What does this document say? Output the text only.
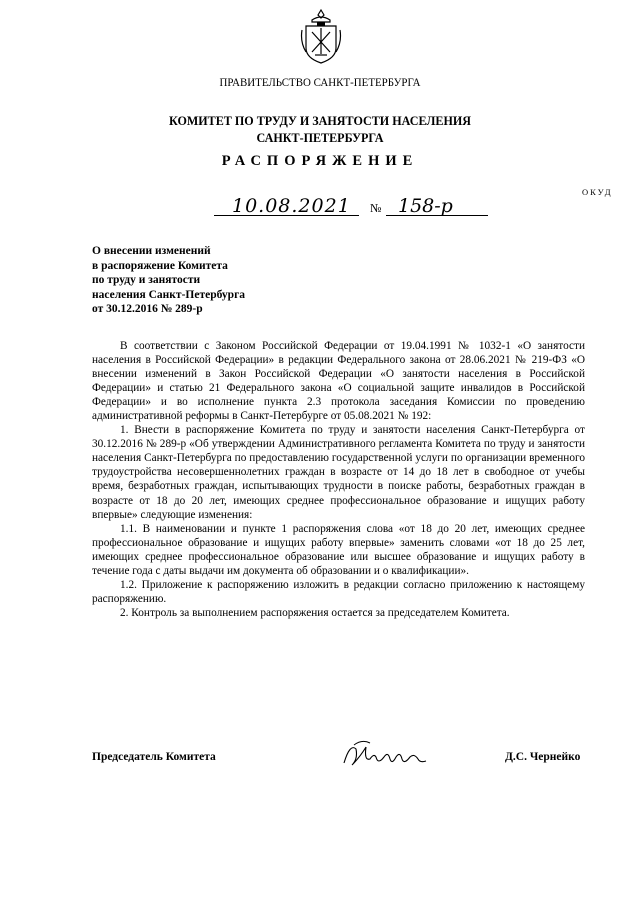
ПРАВИТЕЛЬСТВО САНКТ-ПЕТЕРБУРГА
КОМИТЕТ ПО ТРУДУ И ЗАНЯТОСТИ НАСЕЛЕНИЯ
САНКТ-ПЕТЕРБУРГА
РАСПОРЯЖЕНИЕ
ОКУД
10.08.2021 № 158-р
О внесении изменений
в распоряжение Комитета
по труду и занятости
населения Санкт-Петербурга
от 30.12.2016 № 289-р

В соответствии с Законом Российской Федерации от 19.04.1991 № 1032-1 «О занятости населения в Российской Федерации» в редакции Федерального закона от 28.06.2021 № 219-ФЗ «О внесении изменений в Закон Российской Федерации «О занятости населения в Российской Федерации» и статью 21 Федерального закона «О социальной защите инвалидов в Российской Федерации» и во исполнение пункта 2.3 протокола заседания Комиссии по проведению административной реформы в Санкт-Петербурге от 05.08.2021 № 192:

1. Внести в распоряжение Комитета по труду и занятости населения Санкт-Петербурга от 30.12.2016 № 289-р «Об утверждении Административного регламента Комитета по труду и занятости населения Санкт-Петербурга по предоставлению государственной услуги по организации временного трудоустройства несовершеннолетних граждан в возрасте от 14 до 18 лет в свободное от учебы время, безработных граждан, испытывающих трудности в поиске работы, безработных граждан в возрасте от 18 до 20 лет, имеющих среднее профессиональное образование и ищущих работу впервые» следующие изменения:

1.1. В наименовании и пункте 1 распоряжения слова «от 18 до 20 лет, имеющих среднее профессиональное образование и ищущих работу впервые» заменить словами «от 18 до 25 лет, имеющих среднее профессиональное образование или высшее образование и ищущих работу в течение года с даты выдачи им документа об образовании и о квалификации».

1.2. Приложение к распоряжению изложить в редакции согласно приложению к настоящему распоряжению.

2. Контроль за выполнением распоряжения остается за председателем Комитета.

Председатель Комитета	Д.С. Чернейко
